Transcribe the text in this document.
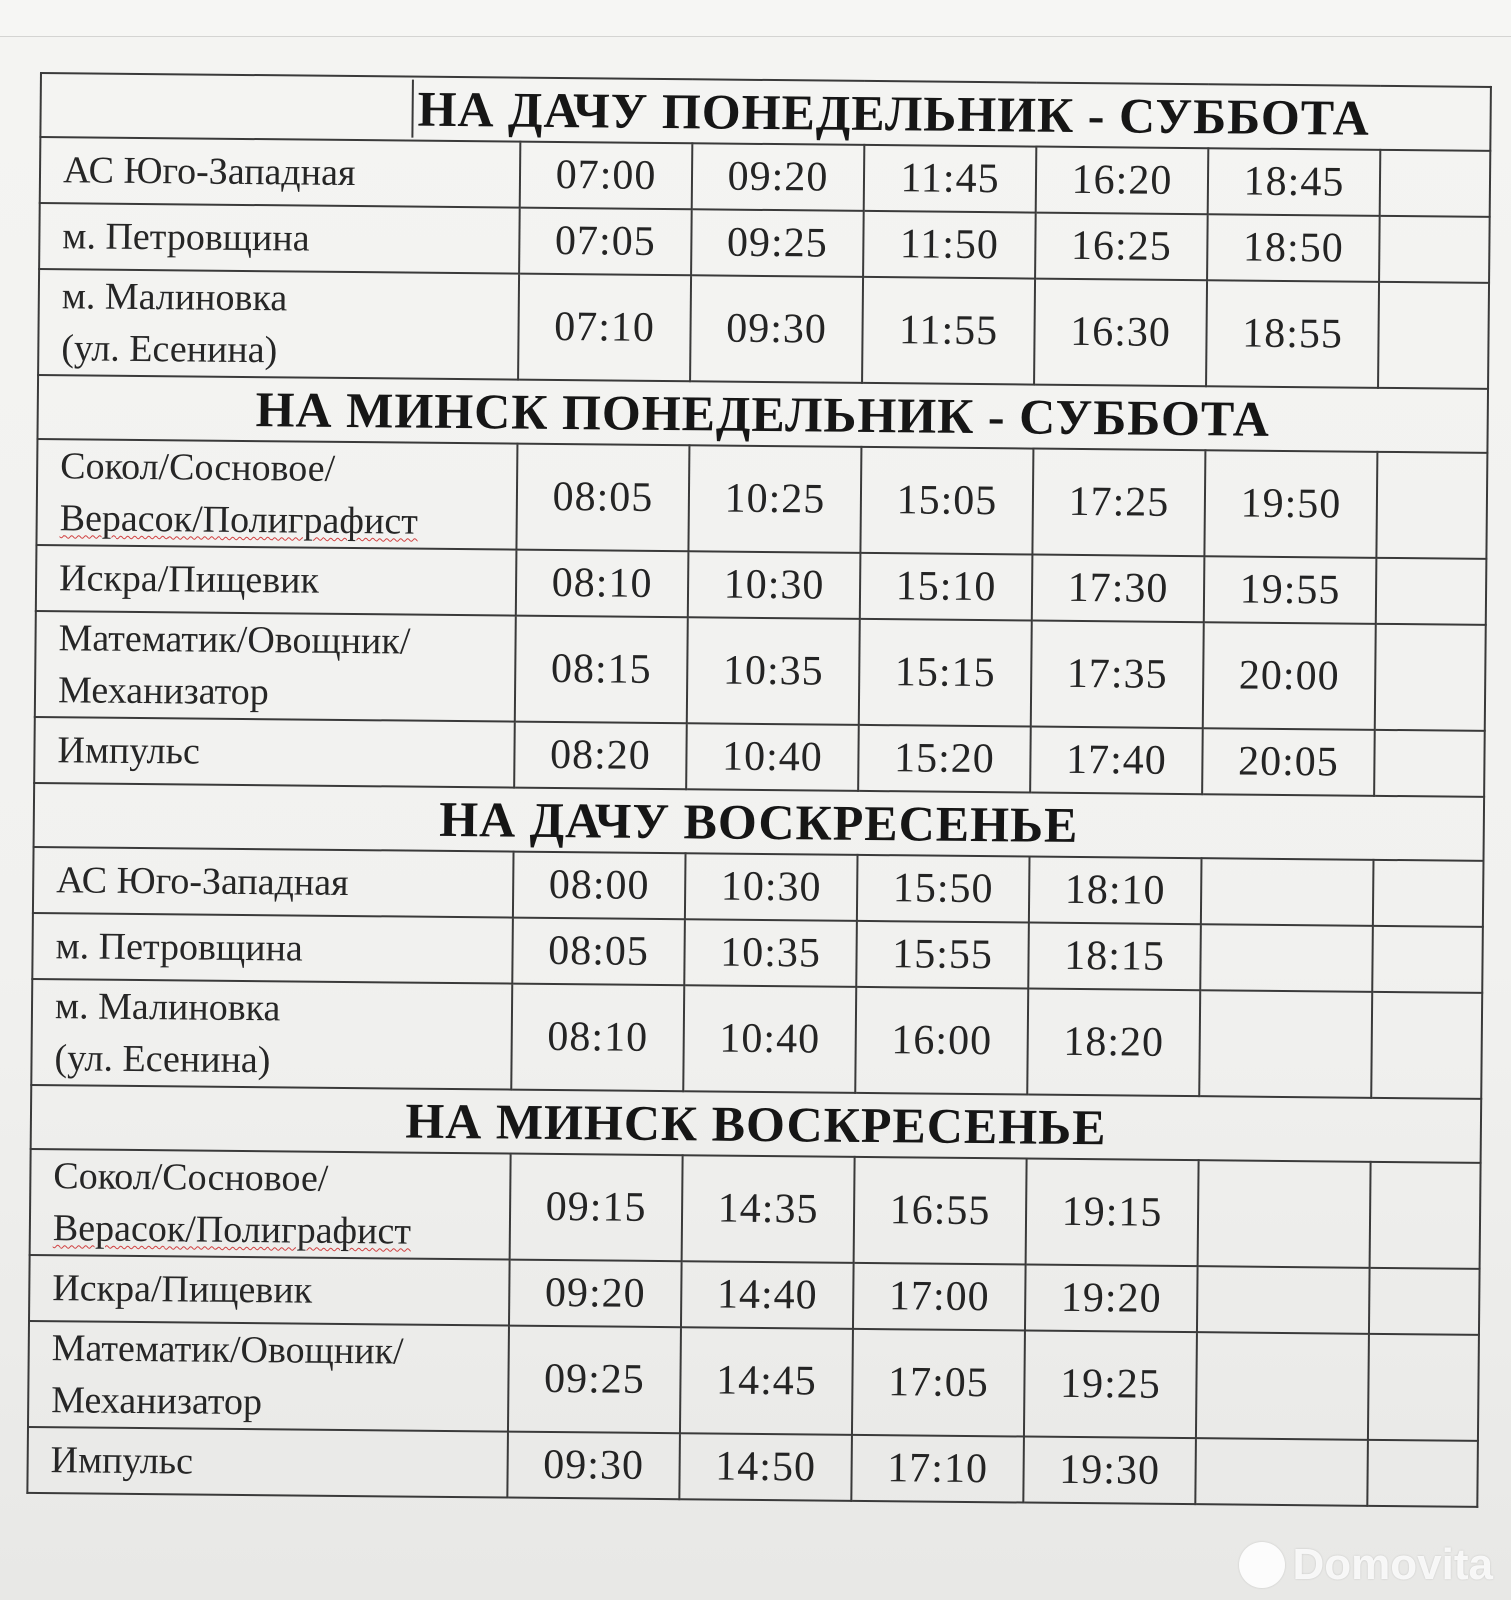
НА ДАЧУ ПОНЕДЕЛЬНИК - СУББОТА						

АС Юго-Западная	07:00	09:20	11:45	16:20	18:45	

м. Петровщина	07:05	09:25	11:50	16:25	18:50	

м. Малиновка
(ул. Есенина)	07:10	09:30	11:55	16:30	18:55	
НА МИНСК ПОНЕДЕЛЬНИК - СУББОТА						

Сокол/Сосновое/
Верасок/Полиграфист	08:05	10:25	15:05	17:25	19:50	

Искра/Пищевик	08:10	10:30	15:10	17:30	19:55	

Математик/Овощник/
Механизатор	08:15	10:35	15:15	17:35	20:00	

Импульс	08:20	10:40	15:20	17:40	20:05	
НА ДАЧУ ВОСКРЕСЕНЬЕ						

АС Юго-Западная	08:00	10:30	15:50	18:10		

м. Петровщина	08:05	10:35	15:55	18:15		

м. Малиновка
(ул. Есенина)	08:10	10:40	16:00	18:20		
НА МИНСК ВОСКРЕСЕНЬЕ						

Сокол/Сосновое/
Верасок/Полиграфист	09:15	14:35	16:55	19:15		

Искра/Пищевик	09:20	14:40	17:00	19:20		

Математик/Овощник/
Механизатор	09:25	14:45	17:05	19:25		

Импульс	09:30	14:50	17:10	19:30		
Domovita
